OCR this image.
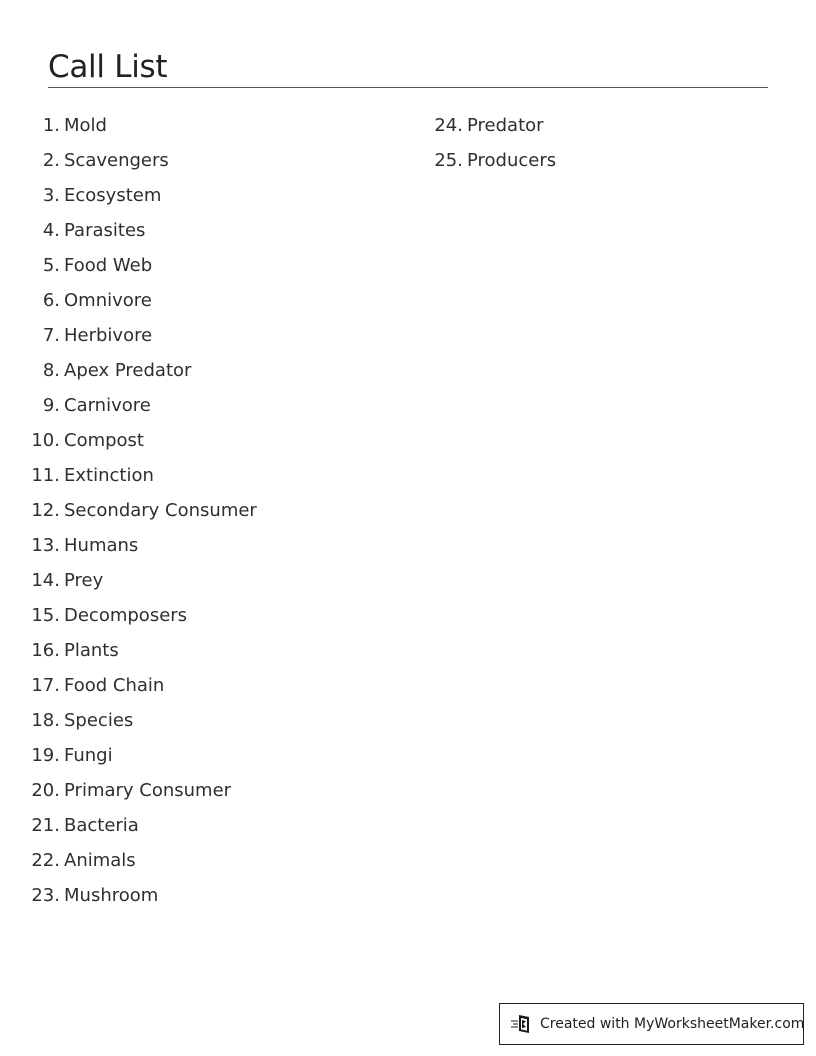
Call List
1. Mold
2. Scavengers
3. Ecosystem
4. Parasites
5. Food Web
6. Omnivore
7. Herbivore
8. Apex Predator
9. Carnivore
10. Compost
11. Extinction
12. Secondary Consumer
13. Humans
14. Prey
15. Decomposers
16. Plants
17. Food Chain
18. Species
19. Fungi
20. Primary Consumer
21. Bacteria
22. Animals
23. Mushroom
24. Predator
25. Producers
Created with MyWorksheetMaker.com
